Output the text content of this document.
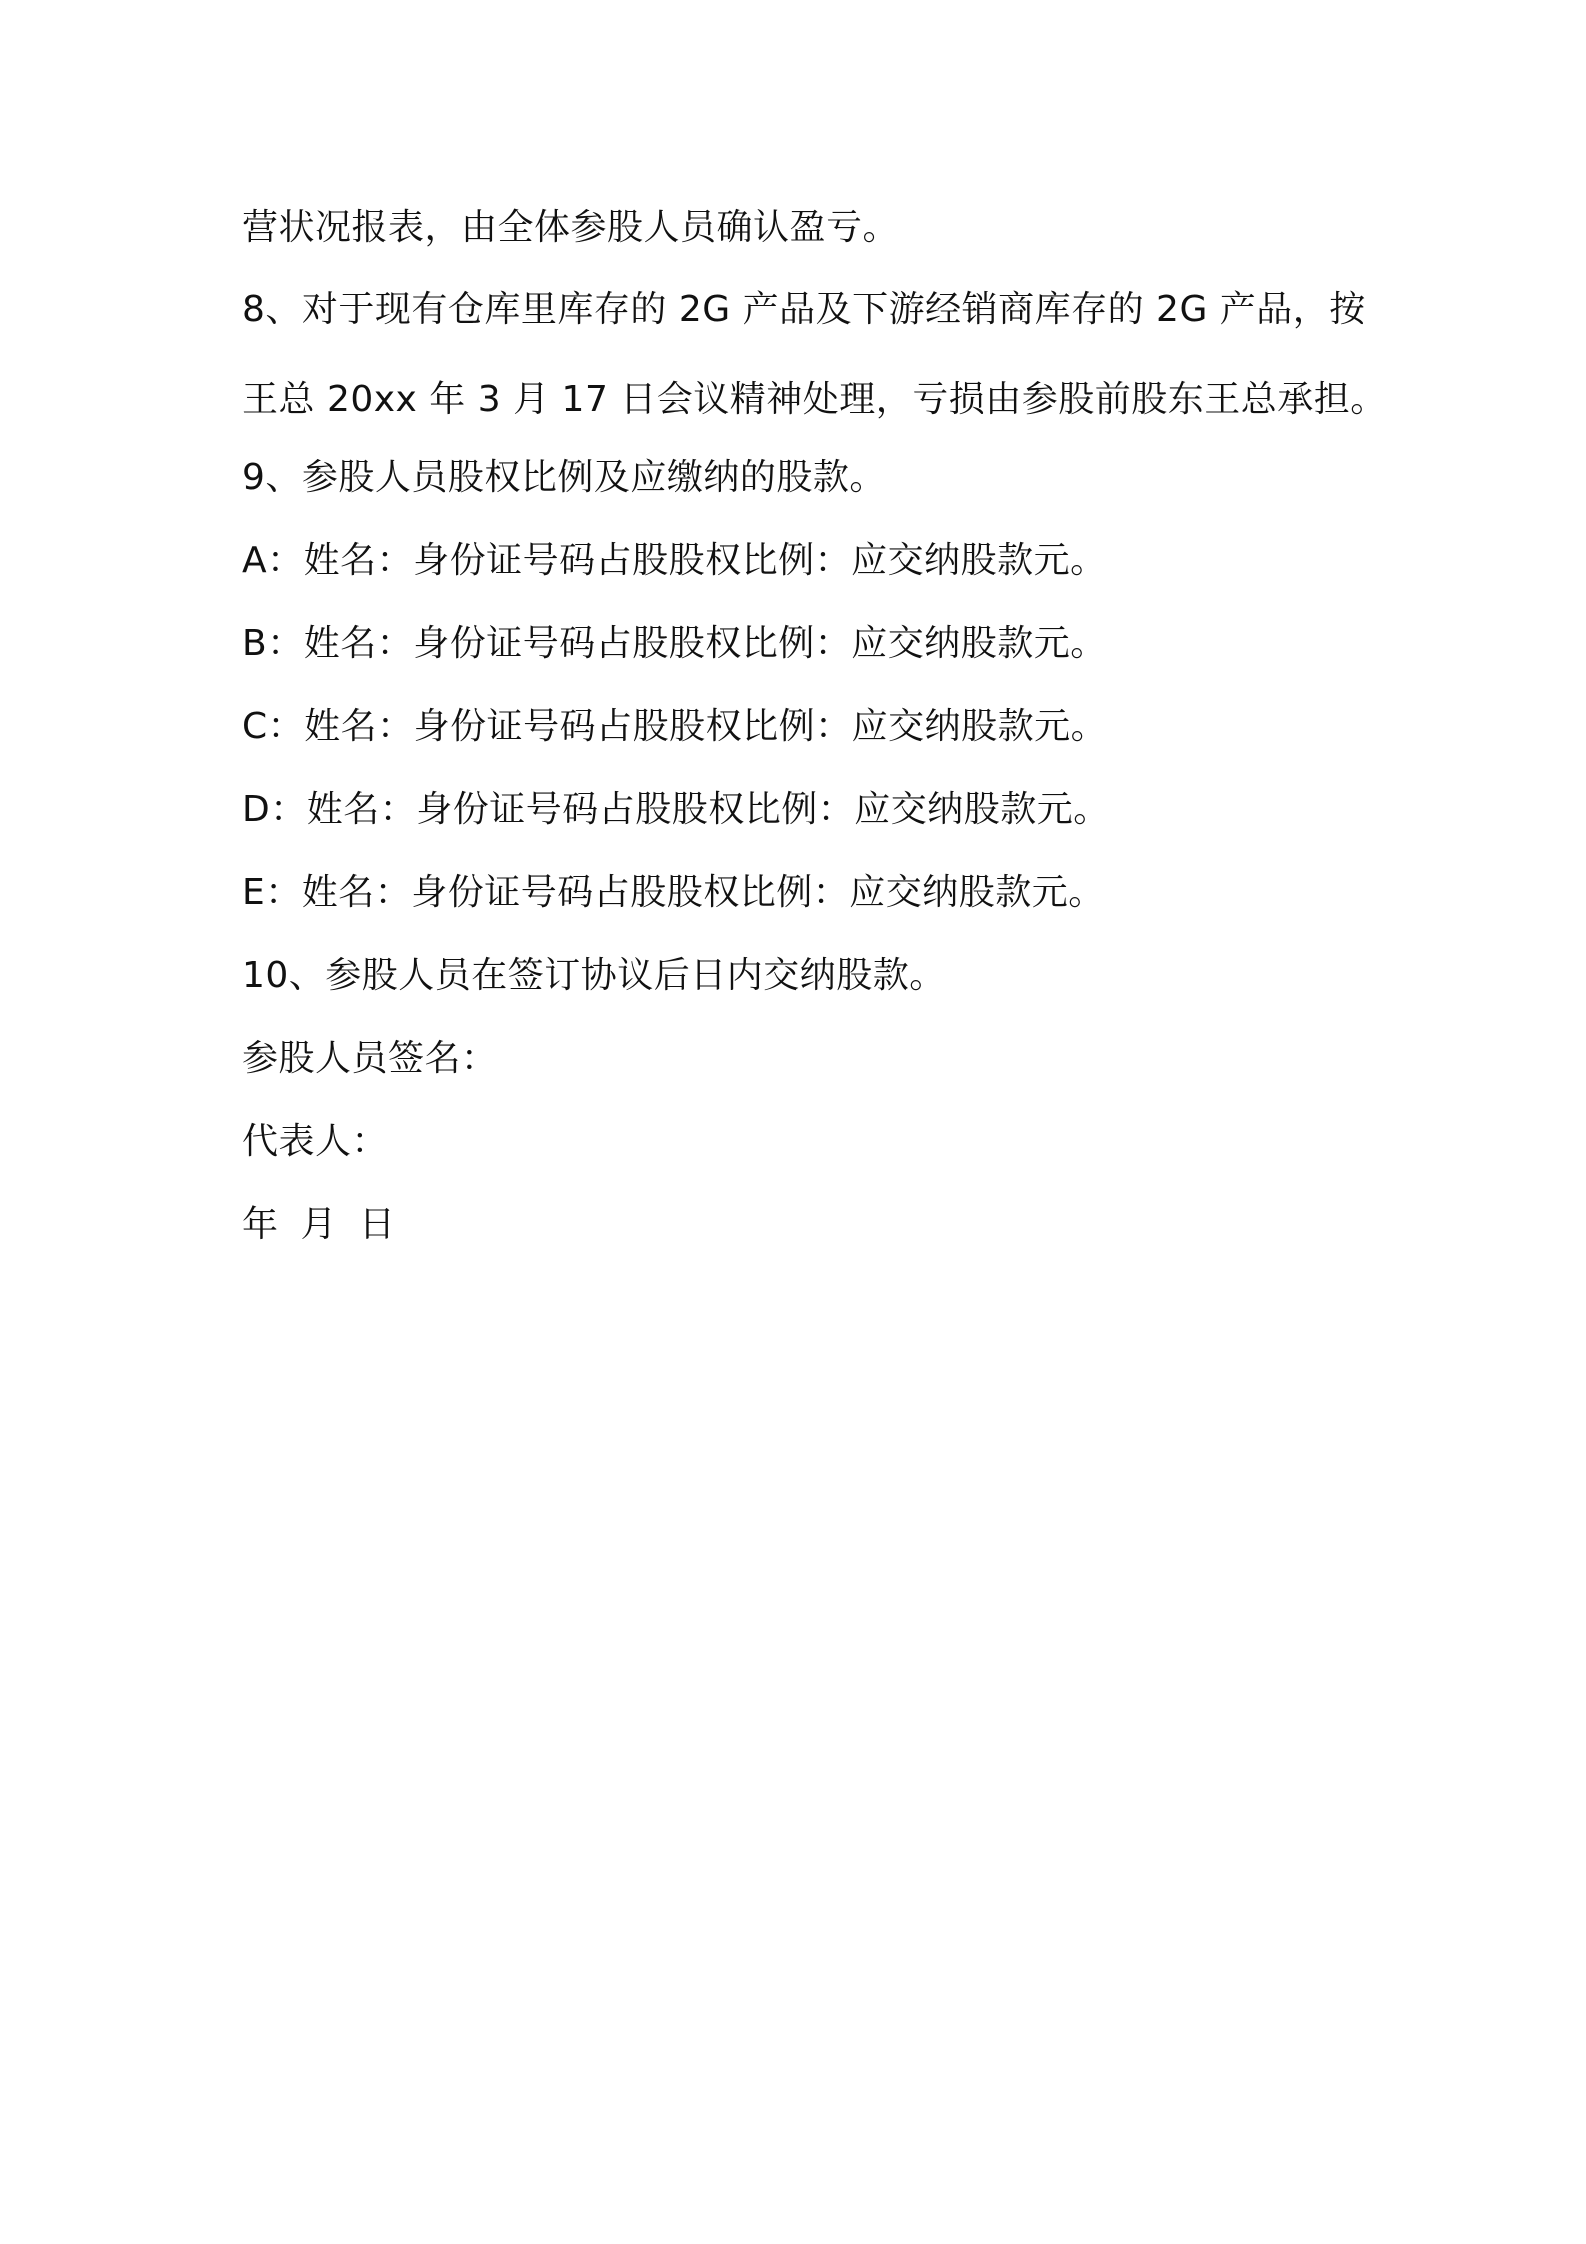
营状况报表，由全体参股人员确认盈亏。
8、对于现有仓库里库存的 2G 产品及下游经销商库存的 2G 产品，按
王总 20xx 年 3 月 17 日会议精神处理，亏损由参股前股东王总承担。
9、参股人员股权比例及应缴纳的股款。
A：姓名：身份证号码占股股权比例：应交纳股款元。
B：姓名：身份证号码占股股权比例：应交纳股款元。
C：姓名：身份证号码占股股权比例：应交纳股款元。
D：姓名：身份证号码占股股权比例：应交纳股款元。
E：姓名：身份证号码占股股权比例：应交纳股款元。
10、参股人员在签订协议后日内交纳股款。
参股人员签名：
代表人：
年 月 日
